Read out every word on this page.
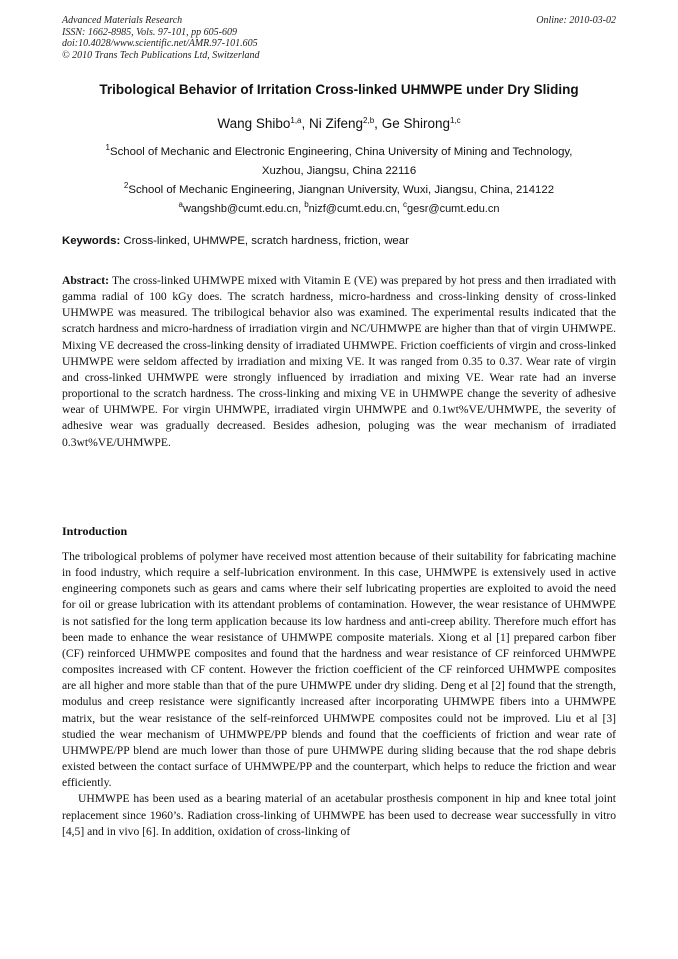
Advanced Materials Research
ISSN: 1662-8985, Vols. 97-101, pp 605-609
doi:10.4028/www.scientific.net/AMR.97-101.605
© 2010 Trans Tech Publications Ltd, Switzerland
Online: 2010-03-02
Tribological Behavior of Irritation Cross-linked UHMWPE under Dry Sliding
Wang Shibo$^{1,a}$, Ni Zifeng$^{2,b}$, Ge Shirong$^{1,c}$
$^1$School of Mechanic and Electronic Engineering, China University of Mining and Technology,
Xuzhou, Jiangsu, China 22116
$^2$School of Mechanic Engineering, Jiangnan University, Wuxi, Jiangsu, China, 214122
$^a$wangshb@cumt.edu.cn, $^b$nizf@cumt.edu.cn, $^c$gesr@cumt.edu.cn
Keywords: Cross-linked, UHMWPE, scratch hardness, friction, wear
Abstract: The cross-linked UHMWPE mixed with Vitamin E (VE) was prepared by hot press and then irradiated with gamma radial of 100 kGy does. The scratch hardness, micro-hardness and cross-linking density of cross-linked UHMWPE was measured. The tribilogical behavior also was examined. The experimental results indicated that the scratch hardness and micro-hardness of irradiation virgin and NC/UHMWPE are higher than that of virgin UHMWPE. Mixing VE decreased the cross-linking density of irradiated UHMWPE. Friction coefficients of virgin and cross-linked UHMWPE were seldom affected by irradiation and mixing VE. It was ranged from 0.35 to 0.37. Wear rate of virgin and cross-linked UHMWPE were strongly influenced by irradiation and mixing VE. Wear rate had an inverse proportional to the scratch hardness. The cross-linking and mixing VE in UHMWPE change the severity of adhesive wear of UHMWPE. For virgin UHMWPE, irradiated virgin UHMWPE and 0.1wt%VE/UHMWPE, the severity of adhesive wear was gradually decreased. Besides adhesion, poluging was the wear mechanism of irradiated 0.3wt%VE/UHMWPE.
Introduction

The tribological problems of polymer have received most attention because of their suitability for fabricating machine in food industry, which require a self-lubrication environment. In this case, UHMWPE is extensively used in active engineering componets such as gears and cams where their self lubricating properties are exploited to avoid the need for oil or grease lubrication with its attendant problems of contamination. However, the wear resistance of UHMWPE is not satisfied for the long term application because its low hardness and anti-creep ability. Therefore much effort has been made to enhance the wear resistance of UHMWPE composite materials. Xiong et al [1] prepared carbon fiber (CF) reinforced UHMWPE composites and found that the hardness and wear resistance of CF reinforced UHMWPE composites increased with CF content. However the friction coefficient of the CF reinforced UHMWPE composites are all higher and more stable than that of the pure UHMWPE under dry sliding. Deng et al [2] found that the strength, modulus and creep resistance were significantly increased after incorporating UHMWPE fibers into a UHMWPE matrix, but the wear resistance of the self-reinforced UHMWPE composites could not be improved. Liu et al [3] studied the wear mechanism of UHMWPE/PP blends and found that the coefficients of friction and wear rate of UHMWPE/PP blend are much lower than those of pure UHMWPE during sliding because that the rod shape debris existed between the contact surface of UHMWPE/PP and the counterpart, which helps to reduce the friction and wear efficiently.

UHMWPE has been used as a bearing material of an acetabular prosthesis component in hip and knee total joint replacement since 1960’s. Radiation cross-linking of UHMWPE has been used to decrease wear successfully in vitro [4,5] and in vivo [6]. In addition, oxidation of cross-linking of
